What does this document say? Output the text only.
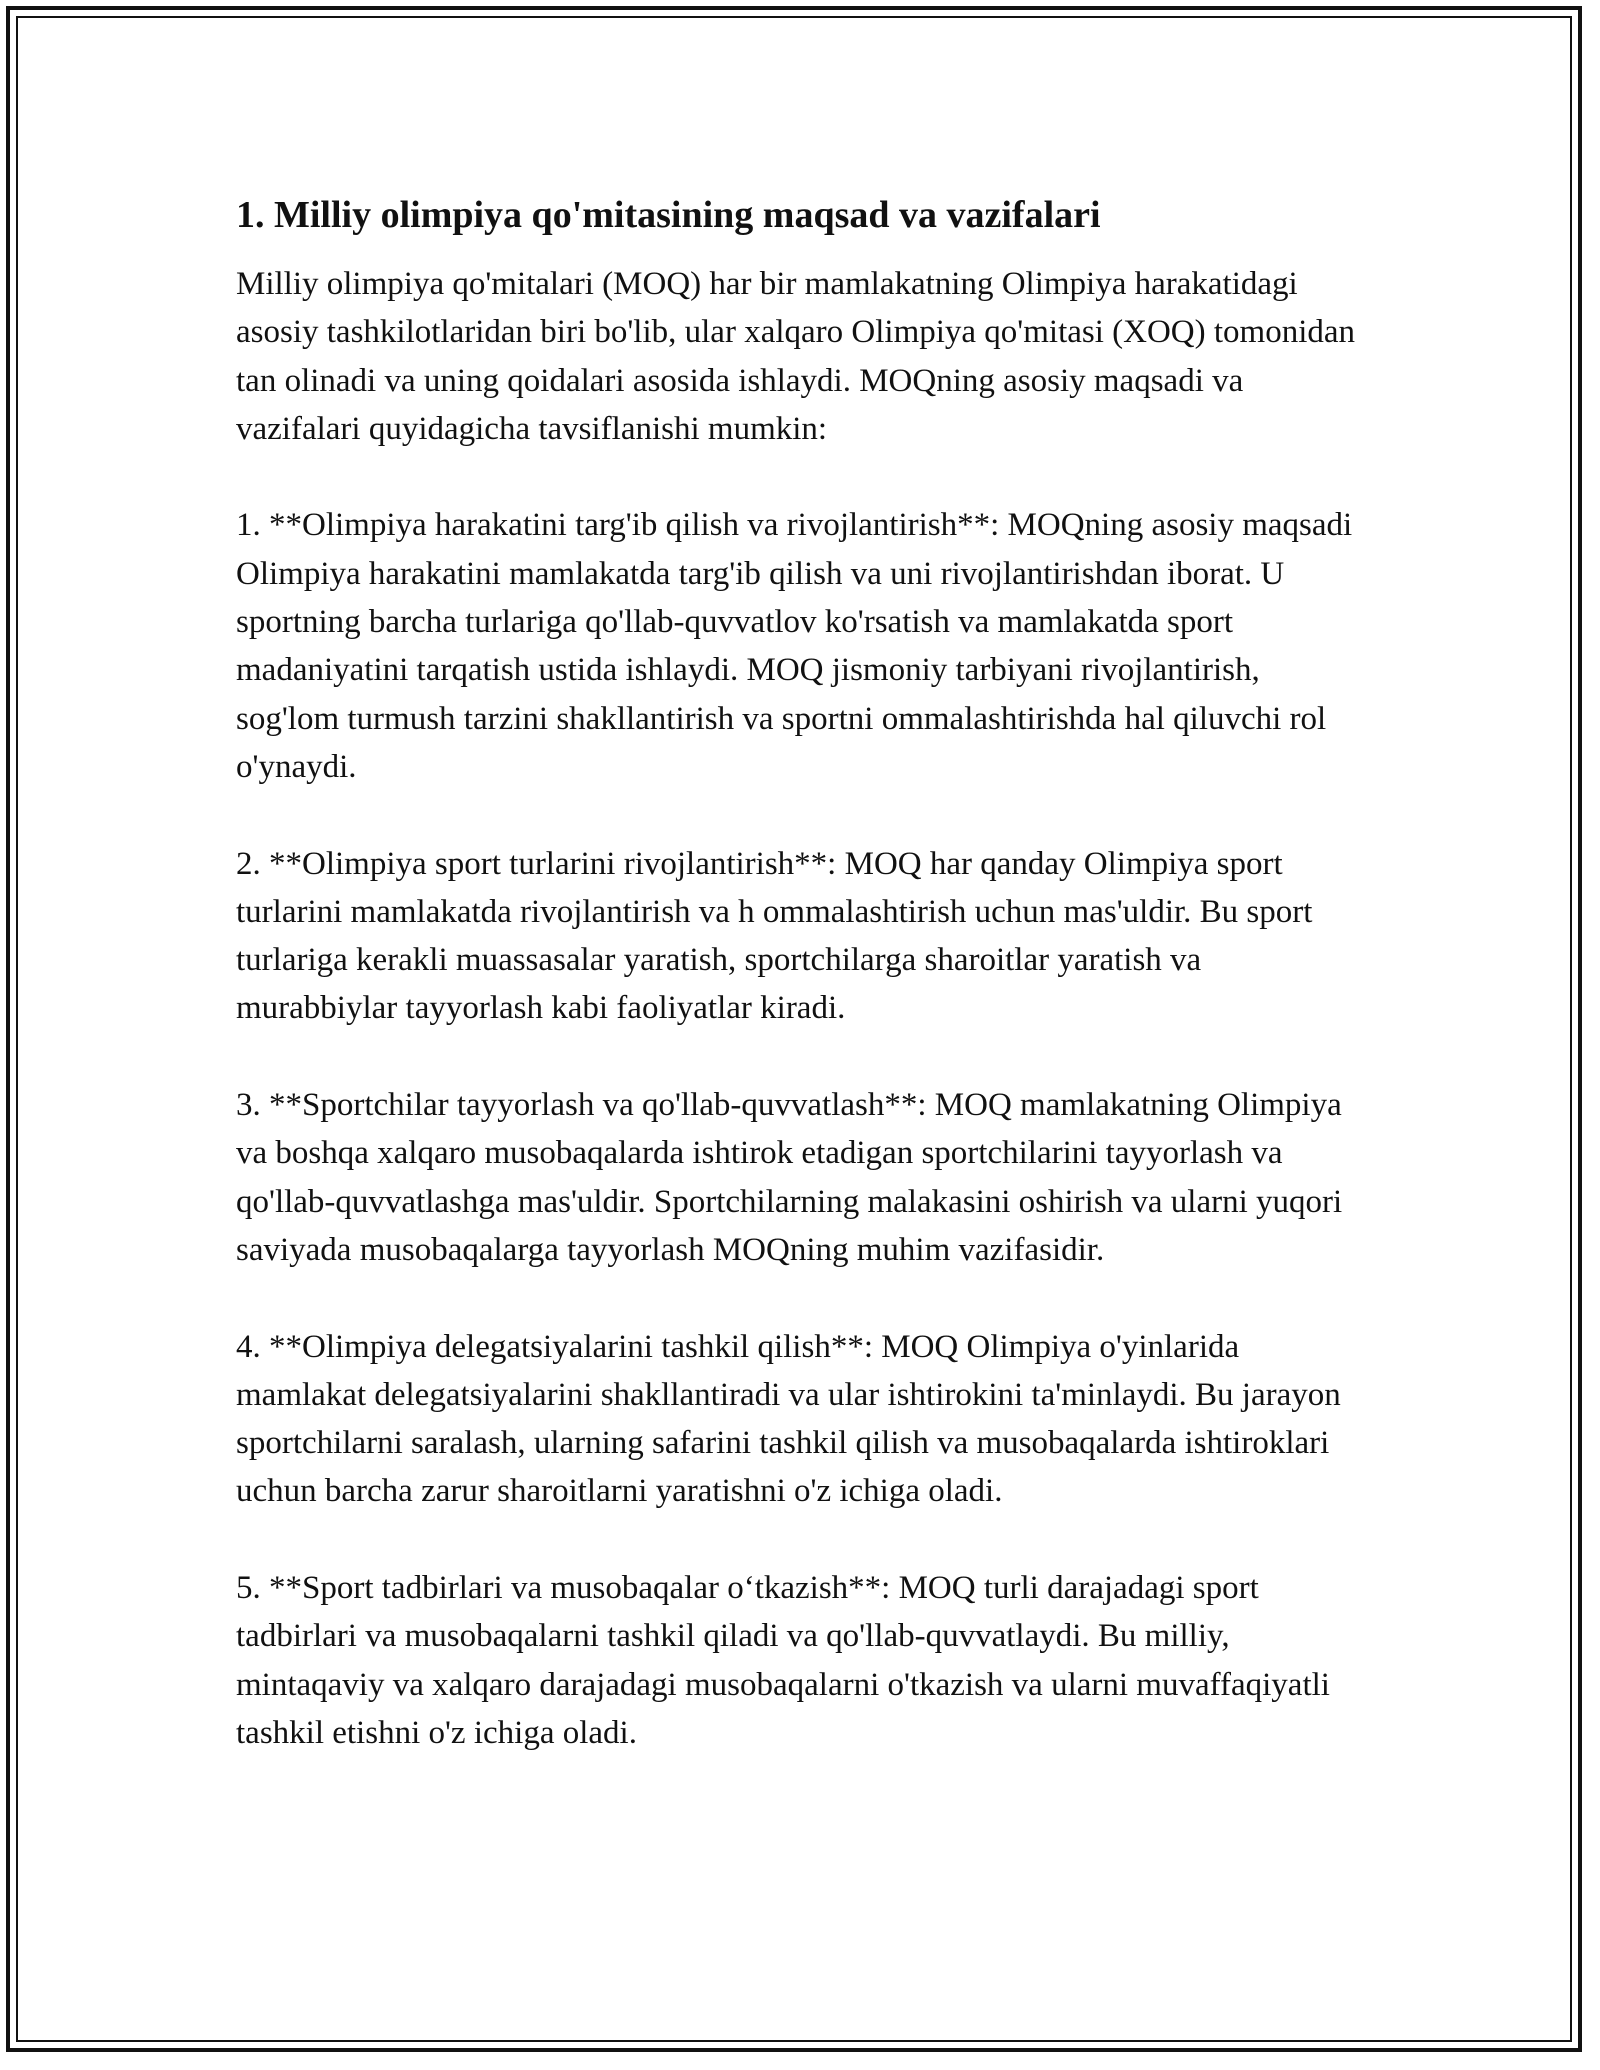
1. Milliy olimpiya qo'mitasining maqsad va vazifalari

Milliy olimpiya qo'mitalari (MOQ) har bir mamlakatning Olimpiya harakatidagi asosiy tashkilotlaridan biri bo'lib, ular xalqaro Olimpiya qo'mitasi (XOQ) tomonidan tan olinadi va uning qoidalari asosida ishlaydi. MOQning asosiy maqsadi va vazifalari quyidagicha tavsiflanishi mumkin:

1. **Olimpiya harakatini targ'ib qilish va rivojlantirish**: MOQning asosiy maqsadi Olimpiya harakatini mamlakatda targ'ib qilish va uni rivojlantirishdan iborat. U sportning barcha turlariga qo'llab-quvvatlov ko'rsatish va mamlakatda sport madaniyatini tarqatish ustida ishlaydi. MOQ jismoniy tarbiyani rivojlantirish, sog'lom turmush tarzini shakllantirish va sportni ommalashtirishda hal qiluvchi rol o'ynaydi.

2. **Olimpiya sport turlarini rivojlantirish**: MOQ har qanday Olimpiya sport turlarini mamlakatda rivojlantirish va h ommalashtirish uchun mas'uldir. Bu sport turlariga kerakli muassasalar yaratish, sportchilarga sharoitlar yaratish va murabbiylar tayyorlash kabi faoliyatlar kiradi.

3. **Sportchilar tayyorlash va qo'llab-quvvatlash**: MOQ mamlakatning Olimpiya va boshqa xalqaro musobaqalarda ishtirok etadigan sportchilarini tayyorlash va qo'llab-quvvatlashga mas'uldir. Sportchilarning malakasini oshirish va ularni yuqori saviyada musobaqalarga tayyorlash MOQning muhim vazifasidir.

4. **Olimpiya delegatsiyalarini tashkil qilish**: MOQ Olimpiya o'yinlarida mamlakat delegatsiyalarini shakllantiradi va ular ishtirokini ta'minlaydi. Bu jarayon sportchilarni saralash, ularning safarini tashkil qilish va musobaqalarda ishtiroklari uchun barcha zarur sharoitlarni yaratishni o'z ichiga oladi.

5. **Sport tadbirlari va musobaqalar o‘tkazish**: MOQ turli darajadagi sport tadbirlari va musobaqalarni tashkil qiladi va qo'llab-quvvatlaydi. Bu milliy, mintaqaviy va xalqaro darajadagi musobaqalarni o'tkazish va ularni muvaffaqiyatli tashkil etishni o'z ichiga oladi.
